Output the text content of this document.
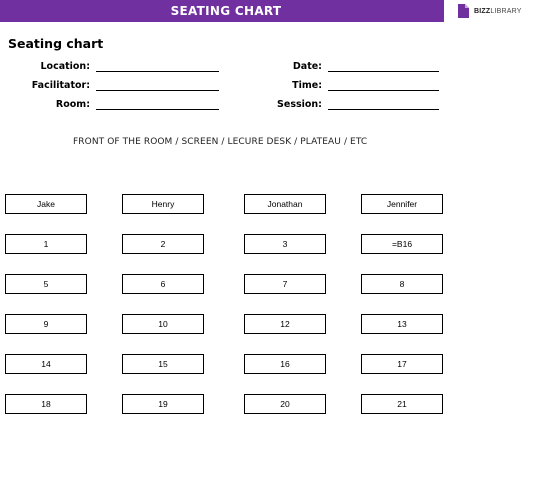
SEATING CHART	BIZZLIBRARY
Seating chart
Location:
Facilitator:
Room:
Date:
Time:
Session:
FRONT OF THE ROOM / SCREEN / LECURE DESK / PLATEAU / ETC
Jake	Henry	Jonathan	Jennifer
1	2	3	=B16
5	6	7	8
9	10	12	13
14	15	16	17
18	19	20	21
